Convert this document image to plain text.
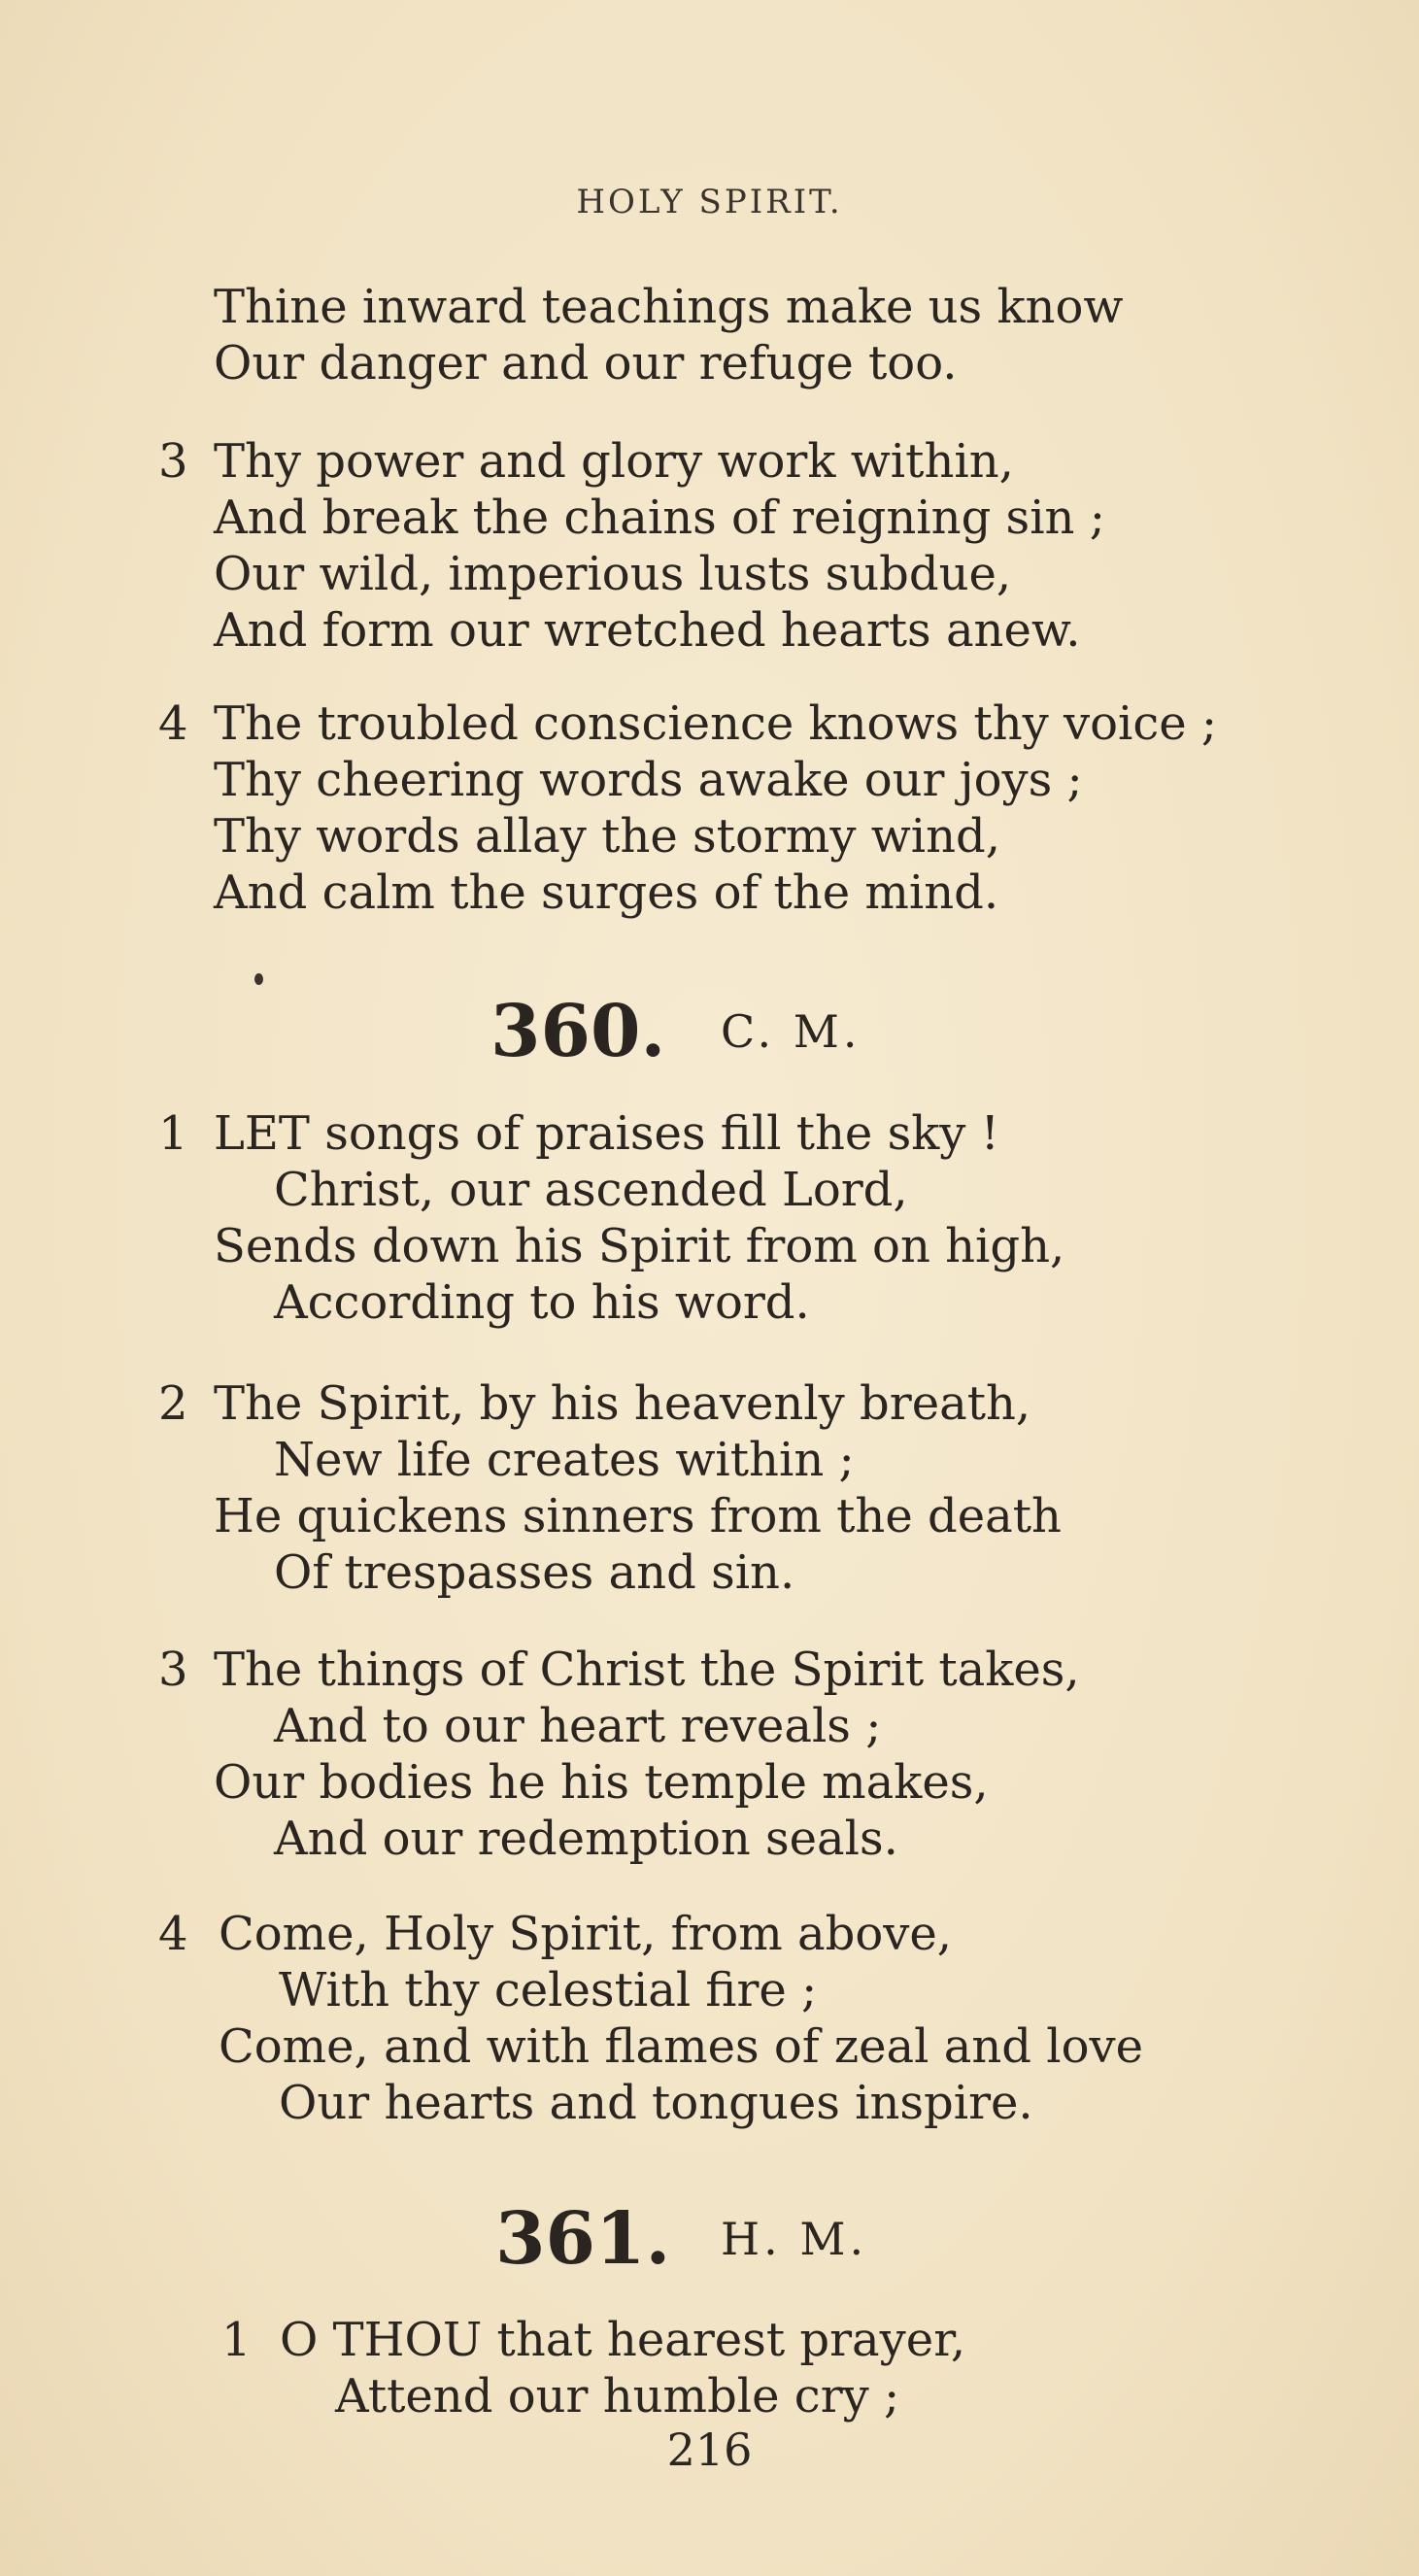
HOLY SPIRIT.
Thine inward teachings make us know
Our danger and our refuge too.
3 Thy power and glory work within,
And break the chains of reigning sin ;
Our wild, imperious lusts subdue,
And form our wretched hearts anew.
4 The troubled conscience knows thy voice ;
Thy cheering words awake our joys ;
Thy words allay the stormy wind,
And calm the surges of the mind.
360. C. M.
1 LET songs of praises fill the sky !
Christ, our ascended Lord,
Sends down his Spirit from on high,
According to his word.
2 The Spirit, by his heavenly breath,
New life creates within ;
He quickens sinners from the death
Of trespasses and sin.
3 The things of Christ the Spirit takes,
And to our heart reveals ;
Our bodies he his temple makes,
And our redemption seals.
4 Come, Holy Spirit, from above,
With thy celestial fire ;
Come, and with flames of zeal and love
Our hearts and tongues inspire.
361. H. M.
1 O THOU that hearest prayer,
Attend our humble cry ;
216
